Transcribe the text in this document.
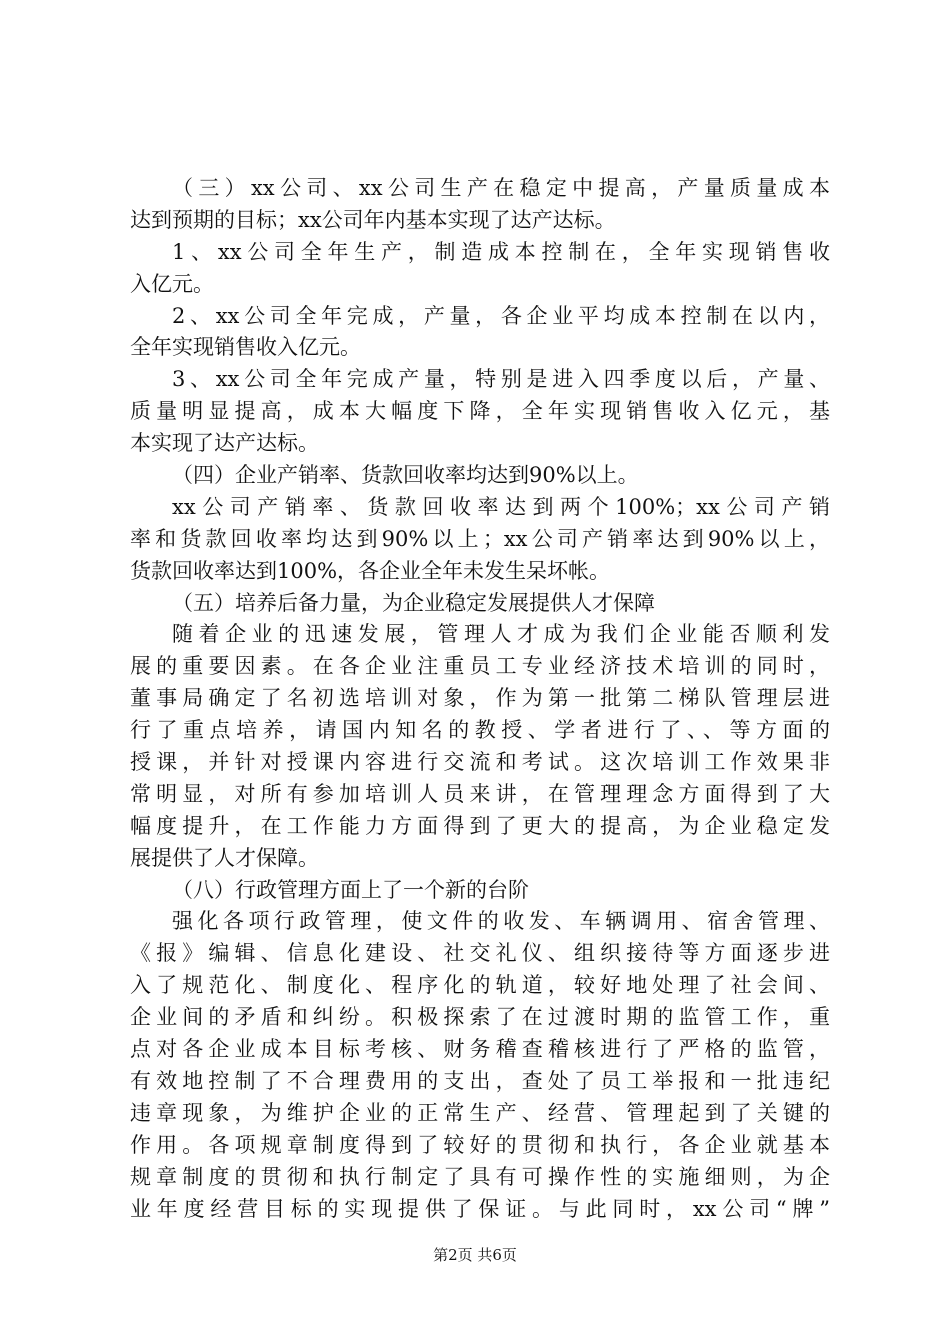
（三）xx公司、xx公司生产在稳定中提高，产量质量成本
达到预期的目标；xx公司年内基本实现了达产达标。
1、xx公司全年生产，制造成本控制在，全年实现销售收
入亿元。
2、xx公司全年完成，产量，各企业平均成本控制在以内，
全年实现销售收入亿元。
3、xx公司全年完成产量，特别是进入四季度以后，产量、
质量明显提高，成本大幅度下降，全年实现销售收入亿元，基
本实现了达产达标。
（四）企业产销率、货款回收率均达到90%以上。
xx公司产销率、货款回收率达到两个100%；xx公司产销
率和货款回收率均达到90%以上；xx公司产销率达到90%以上，
货款回收率达到100%，各企业全年未发生呆坏帐。
（五）培养后备力量，为企业稳定发展提供人才保障
随着企业的迅速发展，管理人才成为我们企业能否顺利发
展的重要因素。在各企业注重员工专业经济技术培训的同时，
董事局确定了名初选培训对象，作为第一批第二梯队管理层进
行了重点培养，请国内知名的教授、学者进行了、、等方面的
授课，并针对授课内容进行交流和考试。这次培训工作效果非
常明显，对所有参加培训人员来讲，在管理理念方面得到了大
幅度提升，在工作能力方面得到了更大的提高，为企业稳定发
展提供了人才保障。
（八）行政管理方面上了一个新的台阶
强化各项行政管理，使文件的收发、车辆调用、宿舍管理、
《报》编辑、信息化建设、社交礼仪、组织接待等方面逐步进
入了规范化、制度化、程序化的轨道，较好地处理了社会间、
企业间的矛盾和纠纷。积极探索了在过渡时期的监管工作，重
点对各企业成本目标考核、财务稽查稽核进行了严格的监管，
有效地控制了不合理费用的支出，查处了员工举报和一批违纪
违章现象，为维护企业的正常生产、经营、管理起到了关键的
作用。各项规章制度得到了较好的贯彻和执行，各企业就基本
规章制度的贯彻和执行制定了具有可操作性的实施细则，为企
业年度经营目标的实现提供了保证。与此同时，xx公司“牌”
第2页 共6页
